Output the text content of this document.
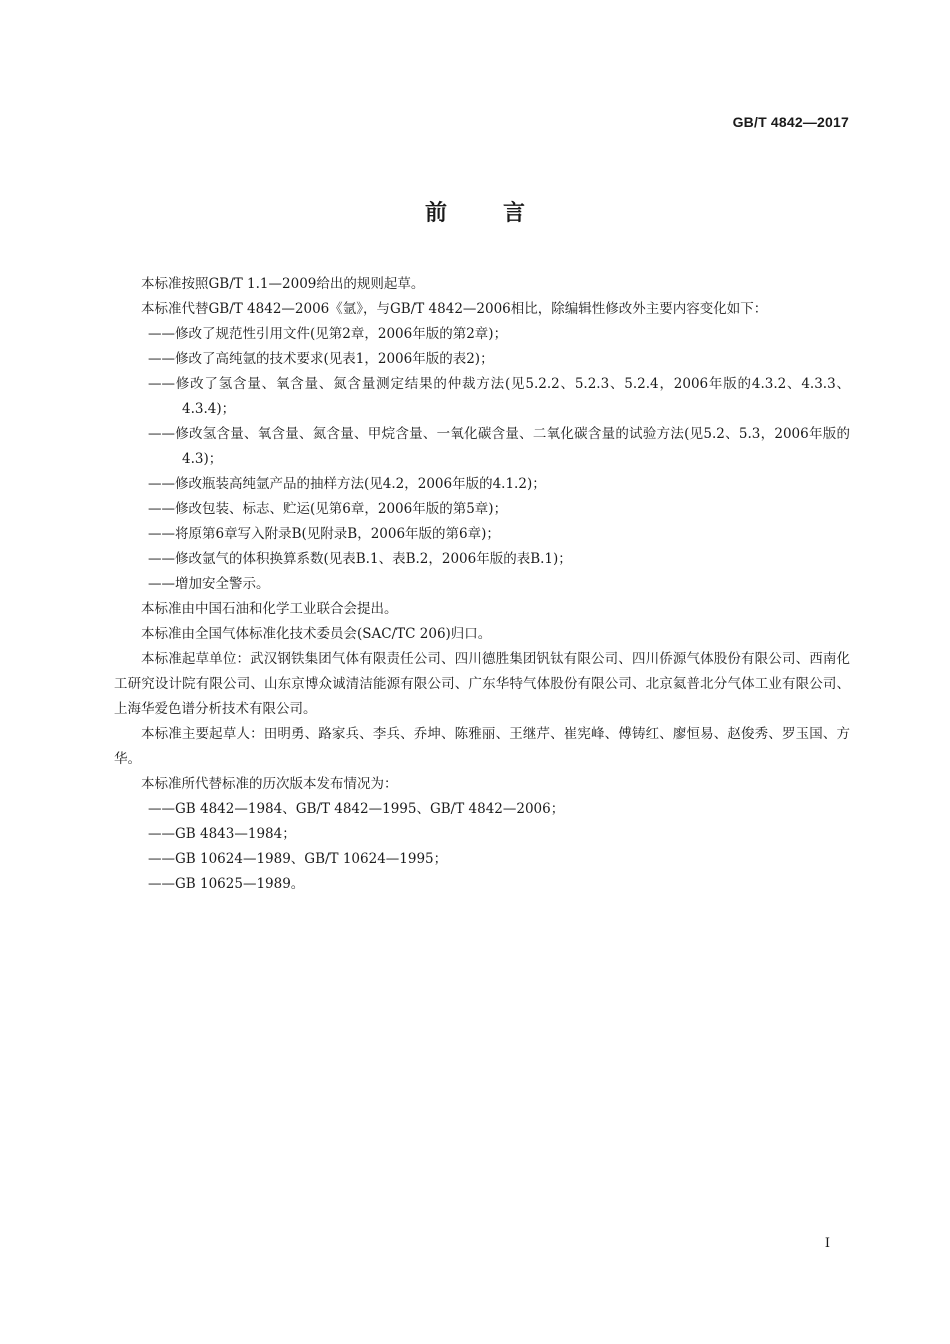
GB/T 4842—2017
前言

本标准按照GB/T 1.1—2009给出的规则起草。

本标准代替GB/T 4842—2006《氩》，与GB/T 4842—2006相比，除编辑性修改外主要内容变化如下：

——修改了规范性引用文件(见第2章，2006年版的第2章)；

——修改了高纯氩的技术要求(见表1，2006年版的表2)；

——修改了氢含量、氧含量、氮含量测定结果的仲裁方法(见5.2.2、5.2.3、5.2.4，2006年版的4.3.2、4.3.3、4.3.4)；

——修改氢含量、氧含量、氮含量、甲烷含量、一氧化碳含量、二氧化碳含量的试验方法(见5.2、5.3，2006年版的4.3)；

——修改瓶装高纯氩产品的抽样方法(见4.2，2006年版的4.1.2)；

——修改包装、标志、贮运(见第6章，2006年版的第5章)；

——将原第6章写入附录B(见附录B，2006年版的第6章)；

——修改氩气的体积换算系数(见表B.1、表B.2，2006年版的表B.1)；

——增加安全警示。

本标准由中国石油和化学工业联合会提出。

本标准由全国气体标准化技术委员会(SAC/TC 206)归口。

本标准起草单位：武汉钢铁集团气体有限责任公司、四川德胜集团钒钛有限公司、四川侨源气体股份有限公司、西南化工研究设计院有限公司、山东京博众诚清洁能源有限公司、广东华特气体股份有限公司、北京氦普北分气体工业有限公司、上海华爱色谱分析技术有限公司。

本标准主要起草人：田明勇、路家兵、李兵、乔坤、陈雅丽、王继芹、崔宪峰、傅铸红、廖恒易、赵俊秀、罗玉国、方华。

本标准所代替标准的历次版本发布情况为：

——GB 4842—1984、GB/T 4842—1995、GB/T 4842—2006；

——GB 4843—1984；

——GB 10624—1989、GB/T 10624—1995；

——GB 10625—1989。

I
